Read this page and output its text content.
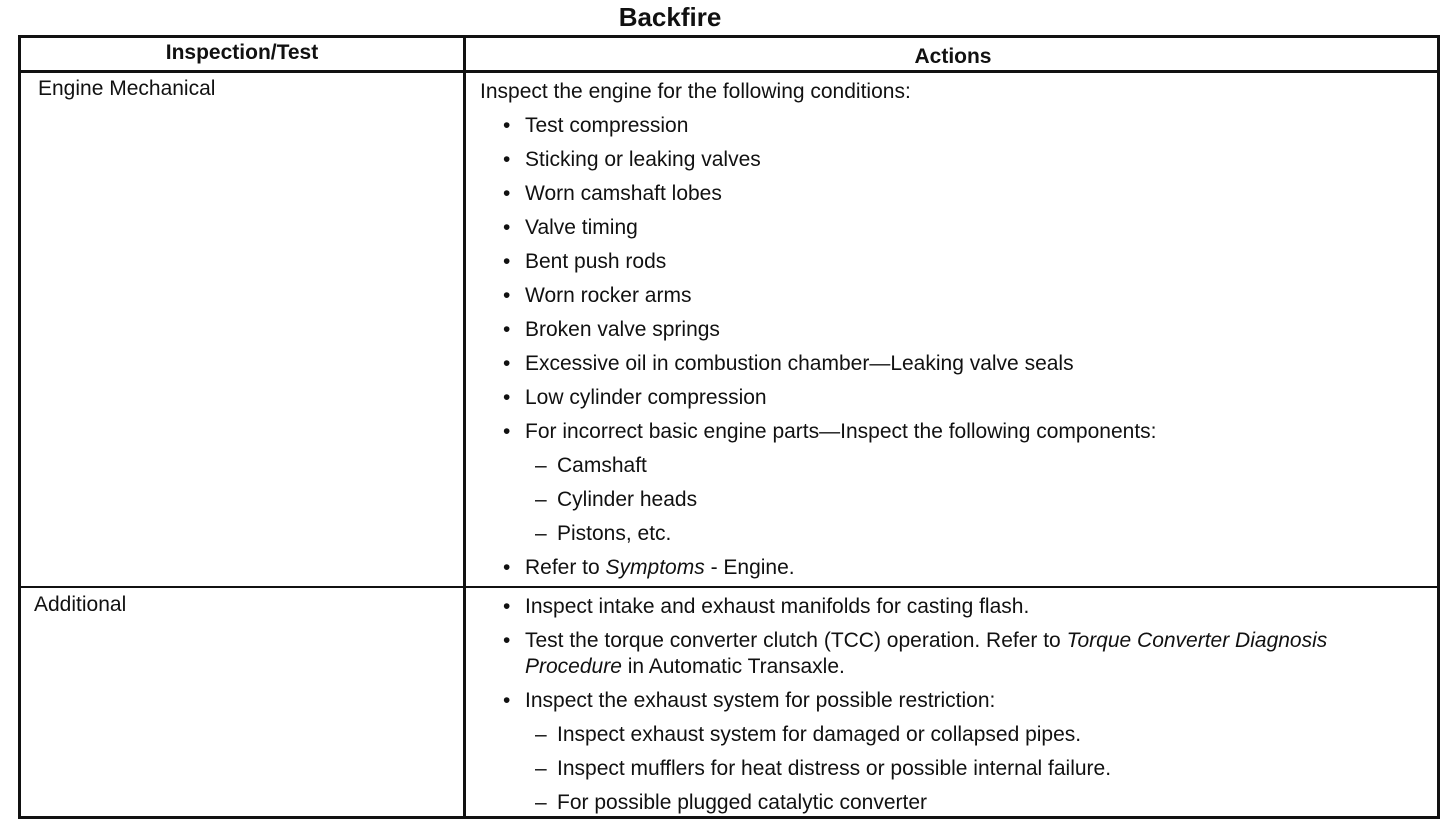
Backfire
Inspection/Test	Actions
Engine Mechanical	Inspect the engine for the following conditions:
• Test compression
• Sticking or leaking valves
• Worn camshaft lobes
• Valve timing
• Bent push rods
• Worn rocker arms
• Broken valve springs
• Excessive oil in combustion chamber—Leaking valve seals
• Low cylinder compression
• For incorrect basic engine parts—Inspect the following components:
– Camshaft
– Cylinder heads
– Pistons, etc.
• Refer to Symptoms - Engine.
Additional	• Inspect intake and exhaust manifolds for casting flash.
• Test the torque converter clutch (TCC) operation. Refer to Torque Converter Diagnosis Procedure in Automatic Transaxle.
• Inspect the exhaust system for possible restriction:
– Inspect exhaust system for damaged or collapsed pipes.
– Inspect mufflers for heat distress or possible internal failure.
– For possible plugged catalytic converter
